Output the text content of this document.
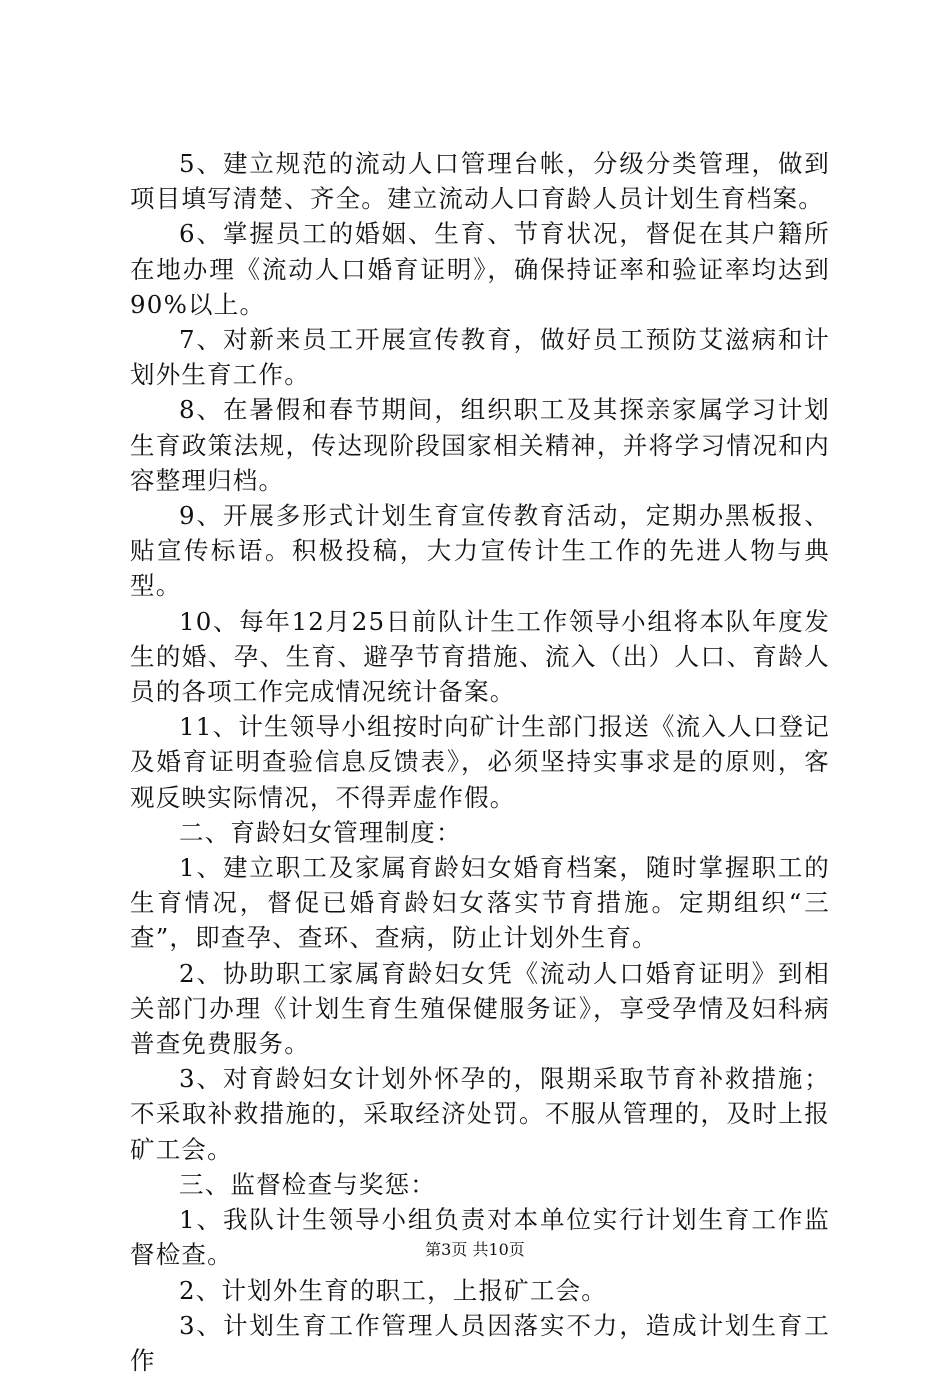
5、建立规范的流动人口管理台帐，分级分类管理，做到项目填写清楚、齐全。建立流动人口育龄人员计划生育档案。

6、掌握员工的婚姻、生育、节育状况，督促在其户籍所在地办理《流动人口婚育证明》，确保持证率和验证率均达到90%以上。

7、对新来员工开展宣传教育，做好员工预防艾滋病和计划外生育工作。

8、在暑假和春节期间，组织职工及其探亲家属学习计划生育政策法规，传达现阶段国家相关精神，并将学习情况和内容整理归档。

9、开展多形式计划生育宣传教育活动，定期办黑板报、贴宣传标语。积极投稿，大力宣传计生工作的先进人物与典型。

10、每年12月25日前队计生工作领导小组将本队年度发生的婚、孕、生育、避孕节育措施、流入（出）人口、育龄人员的各项工作完成情况统计备案。

11、计生领导小组按时向矿计生部门报送《流入人口登记及婚育证明查验信息反馈表》，必须坚持实事求是的原则，客观反映实际情况，不得弄虚作假。

二、育龄妇女管理制度：

1、建立职工及家属育龄妇女婚育档案，随时掌握职工的生育情况，督促已婚育龄妇女落实节育措施。定期组织“三查”，即查孕、查环、查病，防止计划外生育。

2、协助职工家属育龄妇女凭《流动人口婚育证明》到相关部门办理《计划生育生殖保健服务证》，享受孕情及妇科病普查免费服务。

3、对育龄妇女计划外怀孕的，限期采取节育补救措施；不采取补救措施的，采取经济处罚。不服从管理的，及时上报矿工会。

三、监督检查与奖惩：

1、我队计生领导小组负责对本单位实行计划生育工作监督检查。

2、计划外生育的职工，上报矿工会。

3、计划生育工作管理人员因落实不力，造成计划生育工作

第3页 共10页
